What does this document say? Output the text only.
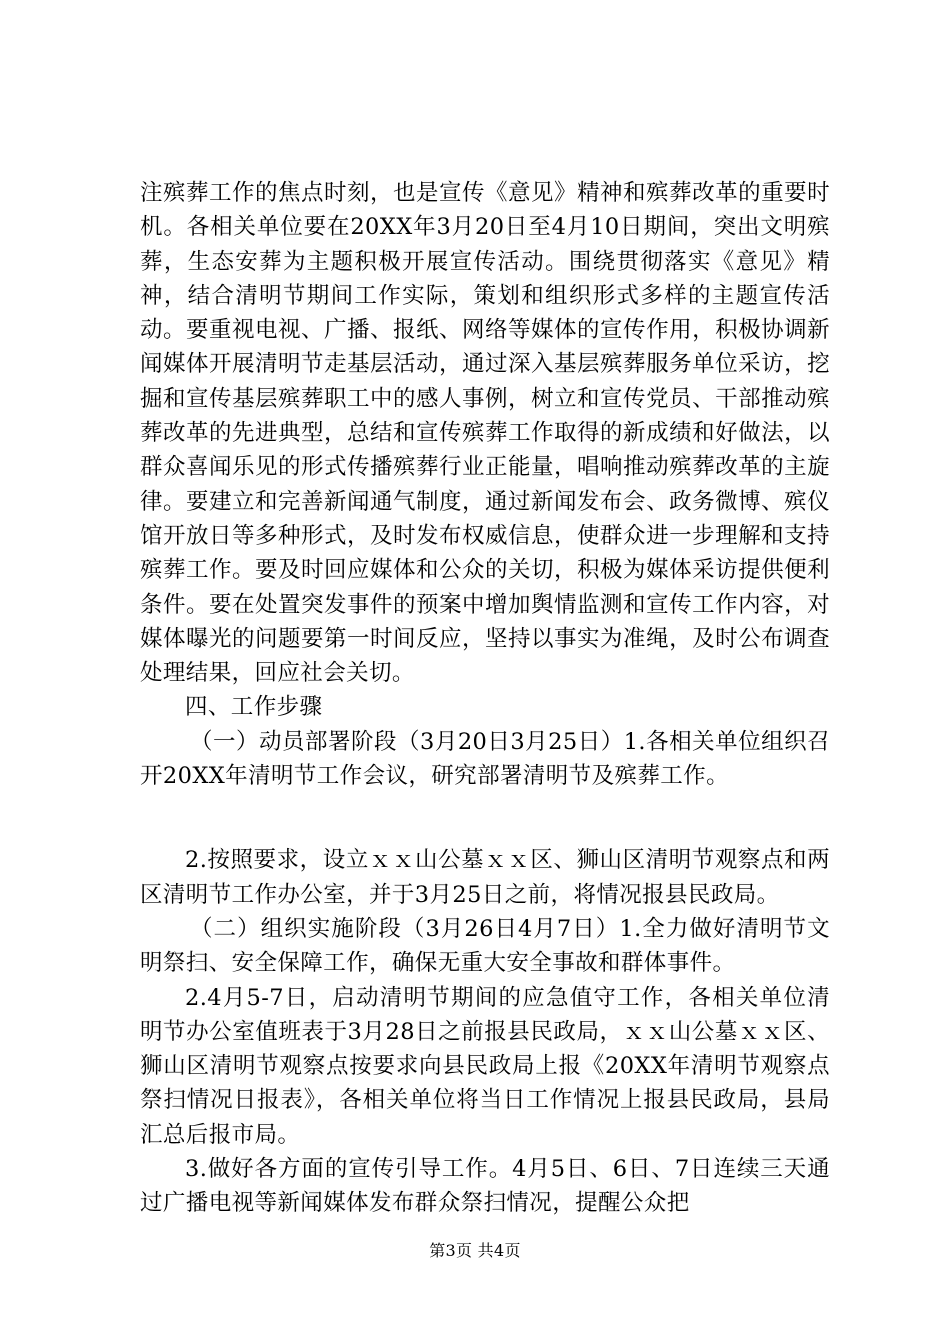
注殡葬工作的焦点时刻，也是宣传《意见》精神和殡葬改革的重要时机。各相关单位要在20XX年3月20日至4月10日期间，突出文明殡葬，生态安葬为主题积极开展宣传活动。围绕贯彻落实《意见》精神，结合清明节期间工作实际，策划和组织形式多样的主题宣传活动。要重视电视、广播、报纸、网络等媒体的宣传作用，积极协调新闻媒体开展清明节走基层活动，通过深入基层殡葬服务单位采访，挖掘和宣传基层殡葬职工中的感人事例，树立和宣传党员、干部推动殡葬改革的先进典型，总结和宣传殡葬工作取得的新成绩和好做法，以群众喜闻乐见的形式传播殡葬行业正能量，唱响推动殡葬改革的主旋律。要建立和完善新闻通气制度，通过新闻发布会、政务微博、殡仪馆开放日等多种形式，及时发布权威信息，使群众进一步理解和支持殡葬工作。要及时回应媒体和公众的关切，积极为媒体采访提供便利条件。要在处置突发事件的预案中增加舆情监测和宣传工作内容，对媒体曝光的问题要第一时间反应，坚持以事实为准绳，及时公布调查处理结果，回应社会关切。

四、工作步骤

（一）动员部署阶段（3月20日3月25日）1.各相关单位组织召开20XX年清明节工作会议，研究部署清明节及殡葬工作。

2.按照要求，设立ｘｘ山公墓ｘｘ区、狮山区清明节观察点和两区清明节工作办公室，并于3月25日之前，将情况报县民政局。

（二）组织实施阶段（3月26日4月7日）1.全力做好清明节文明祭扫、安全保障工作，确保无重大安全事故和群体事件。

2.4月5-7日，启动清明节期间的应急值守工作，各相关单位清明节办公室值班表于3月28日之前报县民政局，ｘｘ山公墓ｘｘ区、狮山区清明节观察点按要求向县民政局上报《20XX年清明节观察点祭扫情况日报表》，各相关单位将当日工作情况上报县民政局，县局汇总后报市局。

3.做好各方面的宣传引导工作。4月5日、6日、7日连续三天通过广播电视等新闻媒体发布群众祭扫情况，提醒公众把

第3页 共4页
